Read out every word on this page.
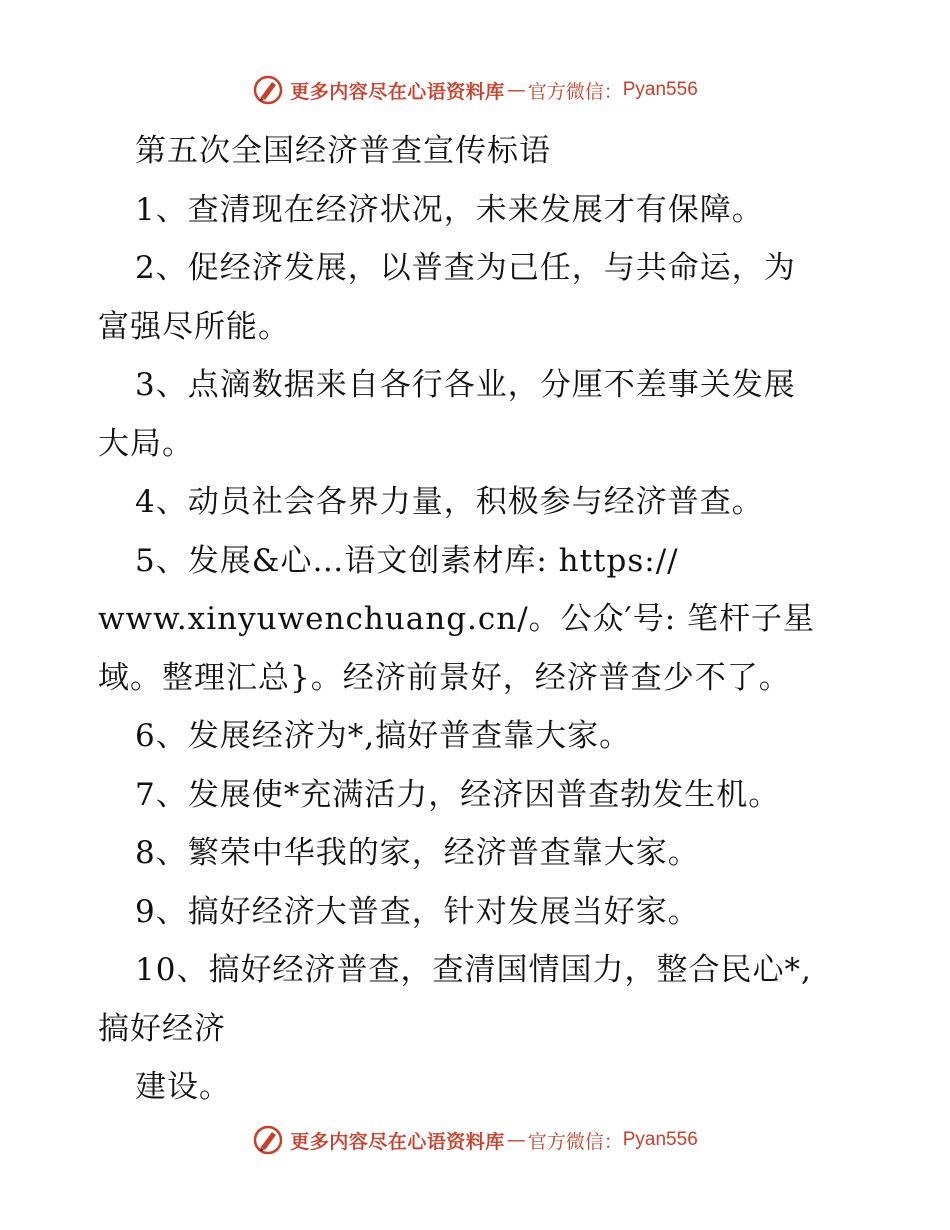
更多内容尽在心语资料库 — 官方微信： Pyan556
第五次全国经济普查宣传标语
1、查清现在经济状况，未来发展才有保障。
2、促经济发展，以普查为己任，与共命运，为
富强尽所能。
3、点滴数据来自各行各业，分厘不差事关发展
大局。
4、动员社会各界力量，积极参与经济普查。
5、发展&心…语文创素材库: https://
www.xinyuwenchuang.cn/。公众′号: 笔杆子星
域。整理汇总}。经济前景好，经济普查少不了。
6、发展经济为*,搞好普查靠大家。
7、发展使*充满活力，经济因普查勃发生机。
8、繁荣中华我的家，经济普查靠大家。
9、搞好经济大普查，针对发展当好家。
10、搞好经济普查，查清国情国力，整合民心*,
搞好经济
建设。
更多内容尽在心语资料库 — 官方微信： Pyan556
